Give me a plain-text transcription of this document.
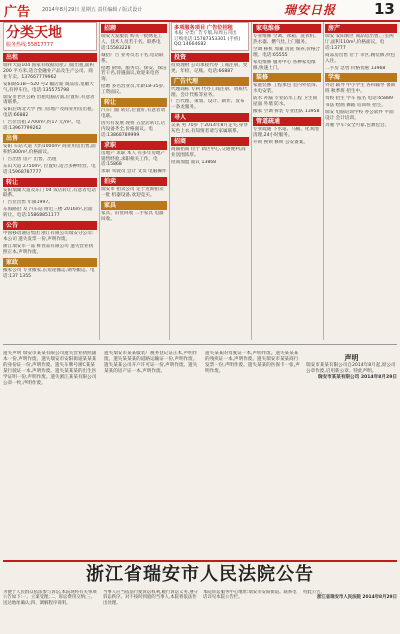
广告 2014年8月29日 星期五 责任编辑 / 版式设计	瑞安日报	13
分类天地
服务热线:55817777
出租
瑞祥大道104 国家有收据房屋,门面出租,面积200 平方米,适合金融业产品及生产公司、商业专卖。137667779962
安阳路51B—520 号2 幅店面 商品房,宽敞大气,有停车位。电话:135575798
瑞安市老区公路 出租电脑店面,位置好,有意者请联系。
安阳后场北大学 西门房地产及商业用房出租。电话:66882
广告位出租 2700m²,约17 元/m²。电话:13967799262
出售
安阳 车站大道 大约1000m² 商业用房出售,面积约300m²,价格面议。
广告出售 房产 出售、出租
东山大道 2750m², 位置好,适合多种经营。电话:15968787777
转让
安阳瑞湖大道及东门 04 饭店转让,有意者电话联系。
广告位出售 年限1997。
东海路沿 及 汽车站 附近三楼 2016m²,店面转让。电话:15868851177
公告
中国移动通信集团 浙江有限公司瑞安分公司:本公司 遗失发票一份,声明作废。
浙江瑞安市一品 鲜食品有限公司 遗失营业执照正本,声明作废。
家政
搬家公司 专业搬家,长短途搬运,钢琴搬运。电话:137 1355
招聘
瑞安大发服装 购买一批绣花工人、技术人员若干名。联系电话:15583228
诚招广告 业务员若干名,电话联系。
招聘 厨师、服务员、保安、保洁若干名,待遇面议,欢迎来电咨询。
招聘 多名营业员,年龄18-35岁,工资面议。
转让
汽车门面 转让,位置好,有意者请电联。
因另有发展 现将 五金店转让,店内设备齐全,价格面议。电话:13868789999
求职
房地产 求职 本人 有多年房地产销售经验,求职相关工作。电话:15868
求职 驾驶员 会计 文员 电脑操作
拍卖
瑞安市 拍卖公司 定于近期拍卖 一批 机器设备,欢迎竞买。
家具
家具、旧货回收 二手家具 电器回收。
多项服务项目 广告位招租
本报 分类广告专版,每周五刊出
订购电话:15787353301 (手机)
QQ:14664682
投资
投资理财 公司承接代办 工商注册、变更、年检、记账。电话:66887
广告代理
代理商标 专利 代办工商注册、资质代理、会计代账等业务。
广告代理、策划、设计、制作、发布一条龙服务。
寻人
吴某 男 70岁 于2014年8月走失,身穿 灰色上衣,有知情者请与家属联系。
招商
商铺招商 位于 新区中心,交通便利,商业氛围浓厚。
招商加盟 面议 13868
家电维修
专业维修 空调、冰箱、洗衣机、热水器、燃气灶,上门服务。
空调 移机 加氟 清洗 保养,价格合理。电话:65555
家电维修 服务中心 各种家电维修,快速上门。
装修
家庭装修 工程承包 室内外装饰,水电安装。
防水 补漏 专业防水工程 卫生间 屋面 外墙 防水。
搬家 空调 拆装 专业团队 13958
管道疏通
专业疏通 下水道、马桶、化粪池清理,24小时服务。
开锁 换锁 修锁 公安备案。
房产
瑞安 安阳新区 商品房出售,三室两厅,面积110m²,价格面议。电话:13777
商品房出售 位于 市区,精装修,拎包入住。
二手房 急售 价格优惠 13968
学海
外语 辅导 中小学生 各科辅导 暑期班 秋季班 招生中。
驾校 招生 学车 报名 电话:65889
书法 绘画 舞蹈 培训班 招生。
瑞安 电脑培训学校 办公软件 平面设计 会计培训。
奔驰 学车:安全可靠,包教包会。
遗失声明 瑞安市某某有限公司遗失营业执照副本一份,声明作废。遗失瑞安市安阳街道某某某的身份证一份,声明作废。遗失车牌号浙C某某某行驶证一本,声明作废。遗失某某某的出生医学证明一份,声明作废。遗失浙江某某有限公司公章一枚,声明作废。
遗失瑞安市某某服装厂税务登记证正本,声明作废。遗失某某某的道路运输证一份,声明作废。遗失某某公司开户许可证一份,声明作废。遗失某某的房产证一本,声明作废。
遗失某某的驾驶证一本,声明作废。遗失某某某的残疾证一本,声明作废。遗失瑞安市某某商行发票一份,声明作废。遗失某某的医保卡一张,声明作废。
声明
瑞安市某某有限公司自2014年8月起,原公司公章作废,启用新公章。特此声明。
瑞安市某某有限公司 2014年8月29日
浙江省瑞安市人民法院公告
为便于人民群众依法参与诉讼,本院现将有关事项公告如下:一、立案受理;二、诉讼费用交纳;三、送达地址确认;四、调解程序说明。
当事人应当依法行使诉讼权利,履行诉讼义务,遵守诉讼秩序。对不按时到庭的当事人,本院将依法作出处理。
本院诉讼服务中心地址:瑞安市安阳街道。联系电话详见本院公告栏。
特此公告。
浙江省瑞安市人民法院 2014年8月29日
